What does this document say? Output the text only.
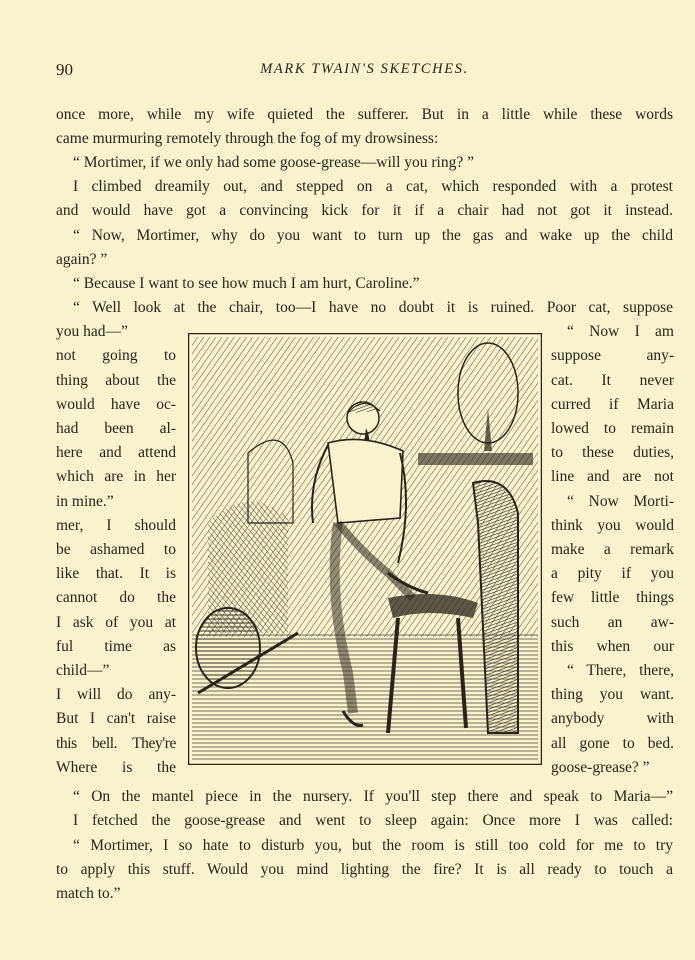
90	MARK TWAIN'S SKETCHES.
once more, while my wife quieted the sufferer. But in a little while these words
came murmuring remotely through the fog of my drowsiness:
“ Mortimer, if we only had some goose-grease—will you ring? ”
I climbed dreamily out, and stepped on a cat, which responded with a protest
and would have got a convincing kick for it if a chair had not got it instead.
“ Now, Mortimer, why do you want to turn up the gas and wake up the child
again? ”
“ Because I want to see how much I am hurt, Caroline.”
“ Well look at the chair, too—I have no doubt it is ruined. Poor cat, suppose
you had—”
not going to
thing about the
would have oc-
had been al-
here and attend
which are in her
in mine.”
mer, I should
be ashamed to
like that. It is
cannot do the
I ask of you at
ful time as
child—”
I will do any-
But I can't raise
this bell. They're
Where is the
“ Now I am
suppose any-
cat. It never
curred if Maria
lowed to remain
to these duties,
line and are not
“ Now Morti-
think you would
make a remark
a pity if you
few little things
such an aw-
this when our
“ There, there,
thing you want.
anybody with
all gone to bed.
goose-grease? ”
“ On the mantel piece in the nursery. If you'll step there and speak to Maria—”
I fetched the goose-grease and went to sleep again: Once more I was called:
“ Mortimer, I so hate to disturb you, but the room is still too cold for me to try
to apply this stuff. Would you mind lighting the fire? It is all ready to touch a
match to.”
